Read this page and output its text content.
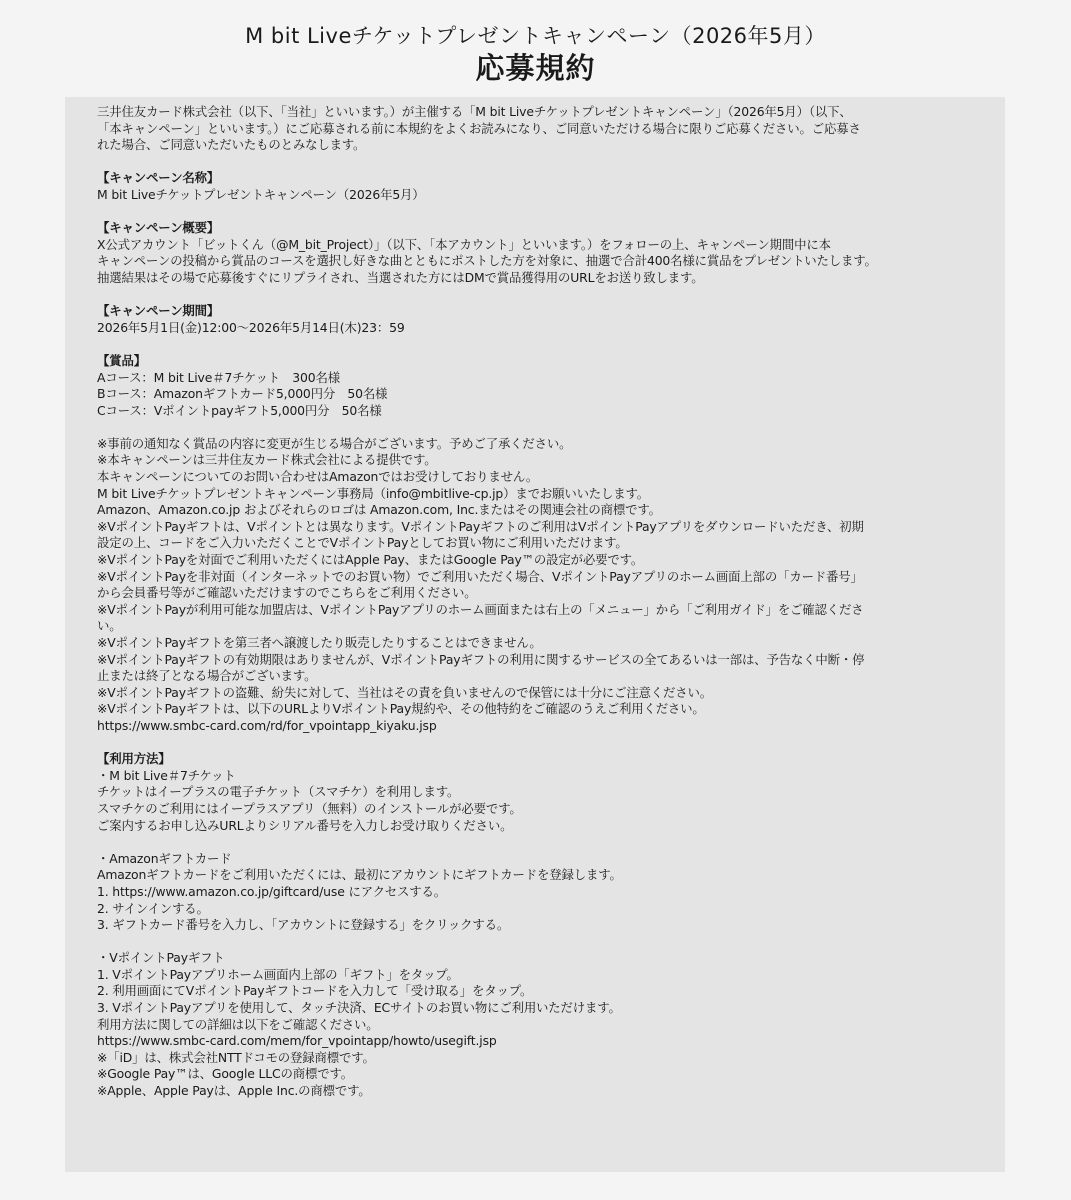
M bit Liveチケットプレゼントキャンペーン（2026年5月）
応募規約
三井住友カード株式会社（以下、「当社」といいます。）が主催する「M bit Liveチケットプレゼントキャンペーン」（2026年5月）（以下、
「本キャンペーン」といいます。）にご応募される前に本規約をよくお読みになり、ご同意いただける場合に限りご応募ください。ご応募さ
れた場合、ご同意いただいたものとみなします。
【キャンペーン名称】
M bit Liveチケットプレゼントキャンペーン（2026年5月）
【キャンペーン概要】
X公式アカウント「ビットくん（@M_bit_Project）」（以下、「本アカウント」といいます。）をフォローの上、キャンペーン期間中に本
キャンペーンの投稿から賞品のコースを選択し好きな曲とともにポストした方を対象に、抽選で合計400名様に賞品をプレゼントいたします。
抽選結果はその場で応募後すぐにリプライされ、当選された方にはDMで賞品獲得用のURLをお送り致します。
【キャンペーン期間】
2026年5月1日(金)12:00～2026年5月14日(木)23：59
【賞品】
Aコース：M bit Live＃7チケット　300名様
Bコース：Amazonギフトカード5,000円分　50名様
Cコース：Vポイントpayギフト5,000円分　50名様
※事前の通知なく賞品の内容に変更が生じる場合がございます。予めご了承ください。
※本キャンペーンは三井住友カード株式会社による提供です。
本キャンペーンについてのお問い合わせはAmazonではお受けしておりません。
M bit Liveチケットプレゼントキャンペーン事務局（info@mbitlive-cp.jp）までお願いいたします。
Amazon、Amazon.co.jp およびそれらのロゴは Amazon.com, Inc.またはその関連会社の商標です。
※VポイントPayギフトは、Vポイントとは異なります。VポイントPayギフトのご利用はVポイントPayアプリをダウンロードいただき、初期
設定の上、コードをご入力いただくことでVポイントPayとしてお買い物にご利用いただけます。
※VポイントPayを対面でご利用いただくにはApple Pay、またはGoogle Pay™の設定が必要です。
※VポイントPayを非対面（インターネットでのお買い物）でご利用いただく場合、VポイントPayアプリのホーム画面上部の「カード番号」
から会員番号等がご確認いただけますのでこちらをご利用ください。
※VポイントPayが利用可能な加盟店は、VポイントPayアプリのホーム画面または右上の「メニュー」から「ご利用ガイド」をご確認くださ
い。
※VポイントPayギフトを第三者へ譲渡したり販売したりすることはできません。
※VポイントPayギフトの有効期限はありませんが、VポイントPayギフトの利用に関するサービスの全てあるいは一部は、予告なく中断・停
止または終了となる場合がございます。
※VポイントPayギフトの盗難、紛失に対して、当社はその責を負いませんので保管には十分にご注意ください。
※VポイントPayギフトは、以下のURLよりVポイントPay規約や、その他特約をご確認のうえご利用ください。
https://www.smbc-card.com/rd/for_vpointapp_kiyaku.jsp
【利用方法】
・M bit Live＃7チケット
チケットはイープラスの電子チケット（スマチケ）を利用します。
スマチケのご利用にはイープラスアプリ（無料）のインストールが必要です。
ご案内するお申し込みURLよりシリアル番号を入力しお受け取りください。
・Amazonギフトカード
Amazonギフトカードをご利用いただくには、最初にアカウントにギフトカードを登録します。
1. https://www.amazon.co.jp/giftcard/use にアクセスする。
2. サインインする。
3. ギフトカード番号を入力し、「アカウントに登録する」をクリックする。
・VポイントPayギフト
1. VポイントPayアプリホーム画面内上部の「ギフト」をタップ。
2. 利用画面にてVポイントPayギフトコードを入力して「受け取る」をタップ。
3. VポイントPayアプリを使用して、タッチ決済、ECサイトのお買い物にご利用いただけます。
利用方法に関しての詳細は以下をご確認ください。
https://www.smbc-card.com/mem/for_vpointapp/howto/usegift.jsp
※「iD」は、株式会社NTTドコモの登録商標です。
※Google Pay™は、Google LLCの商標です。
※Apple、Apple Payは、Apple Inc.の商標です。
